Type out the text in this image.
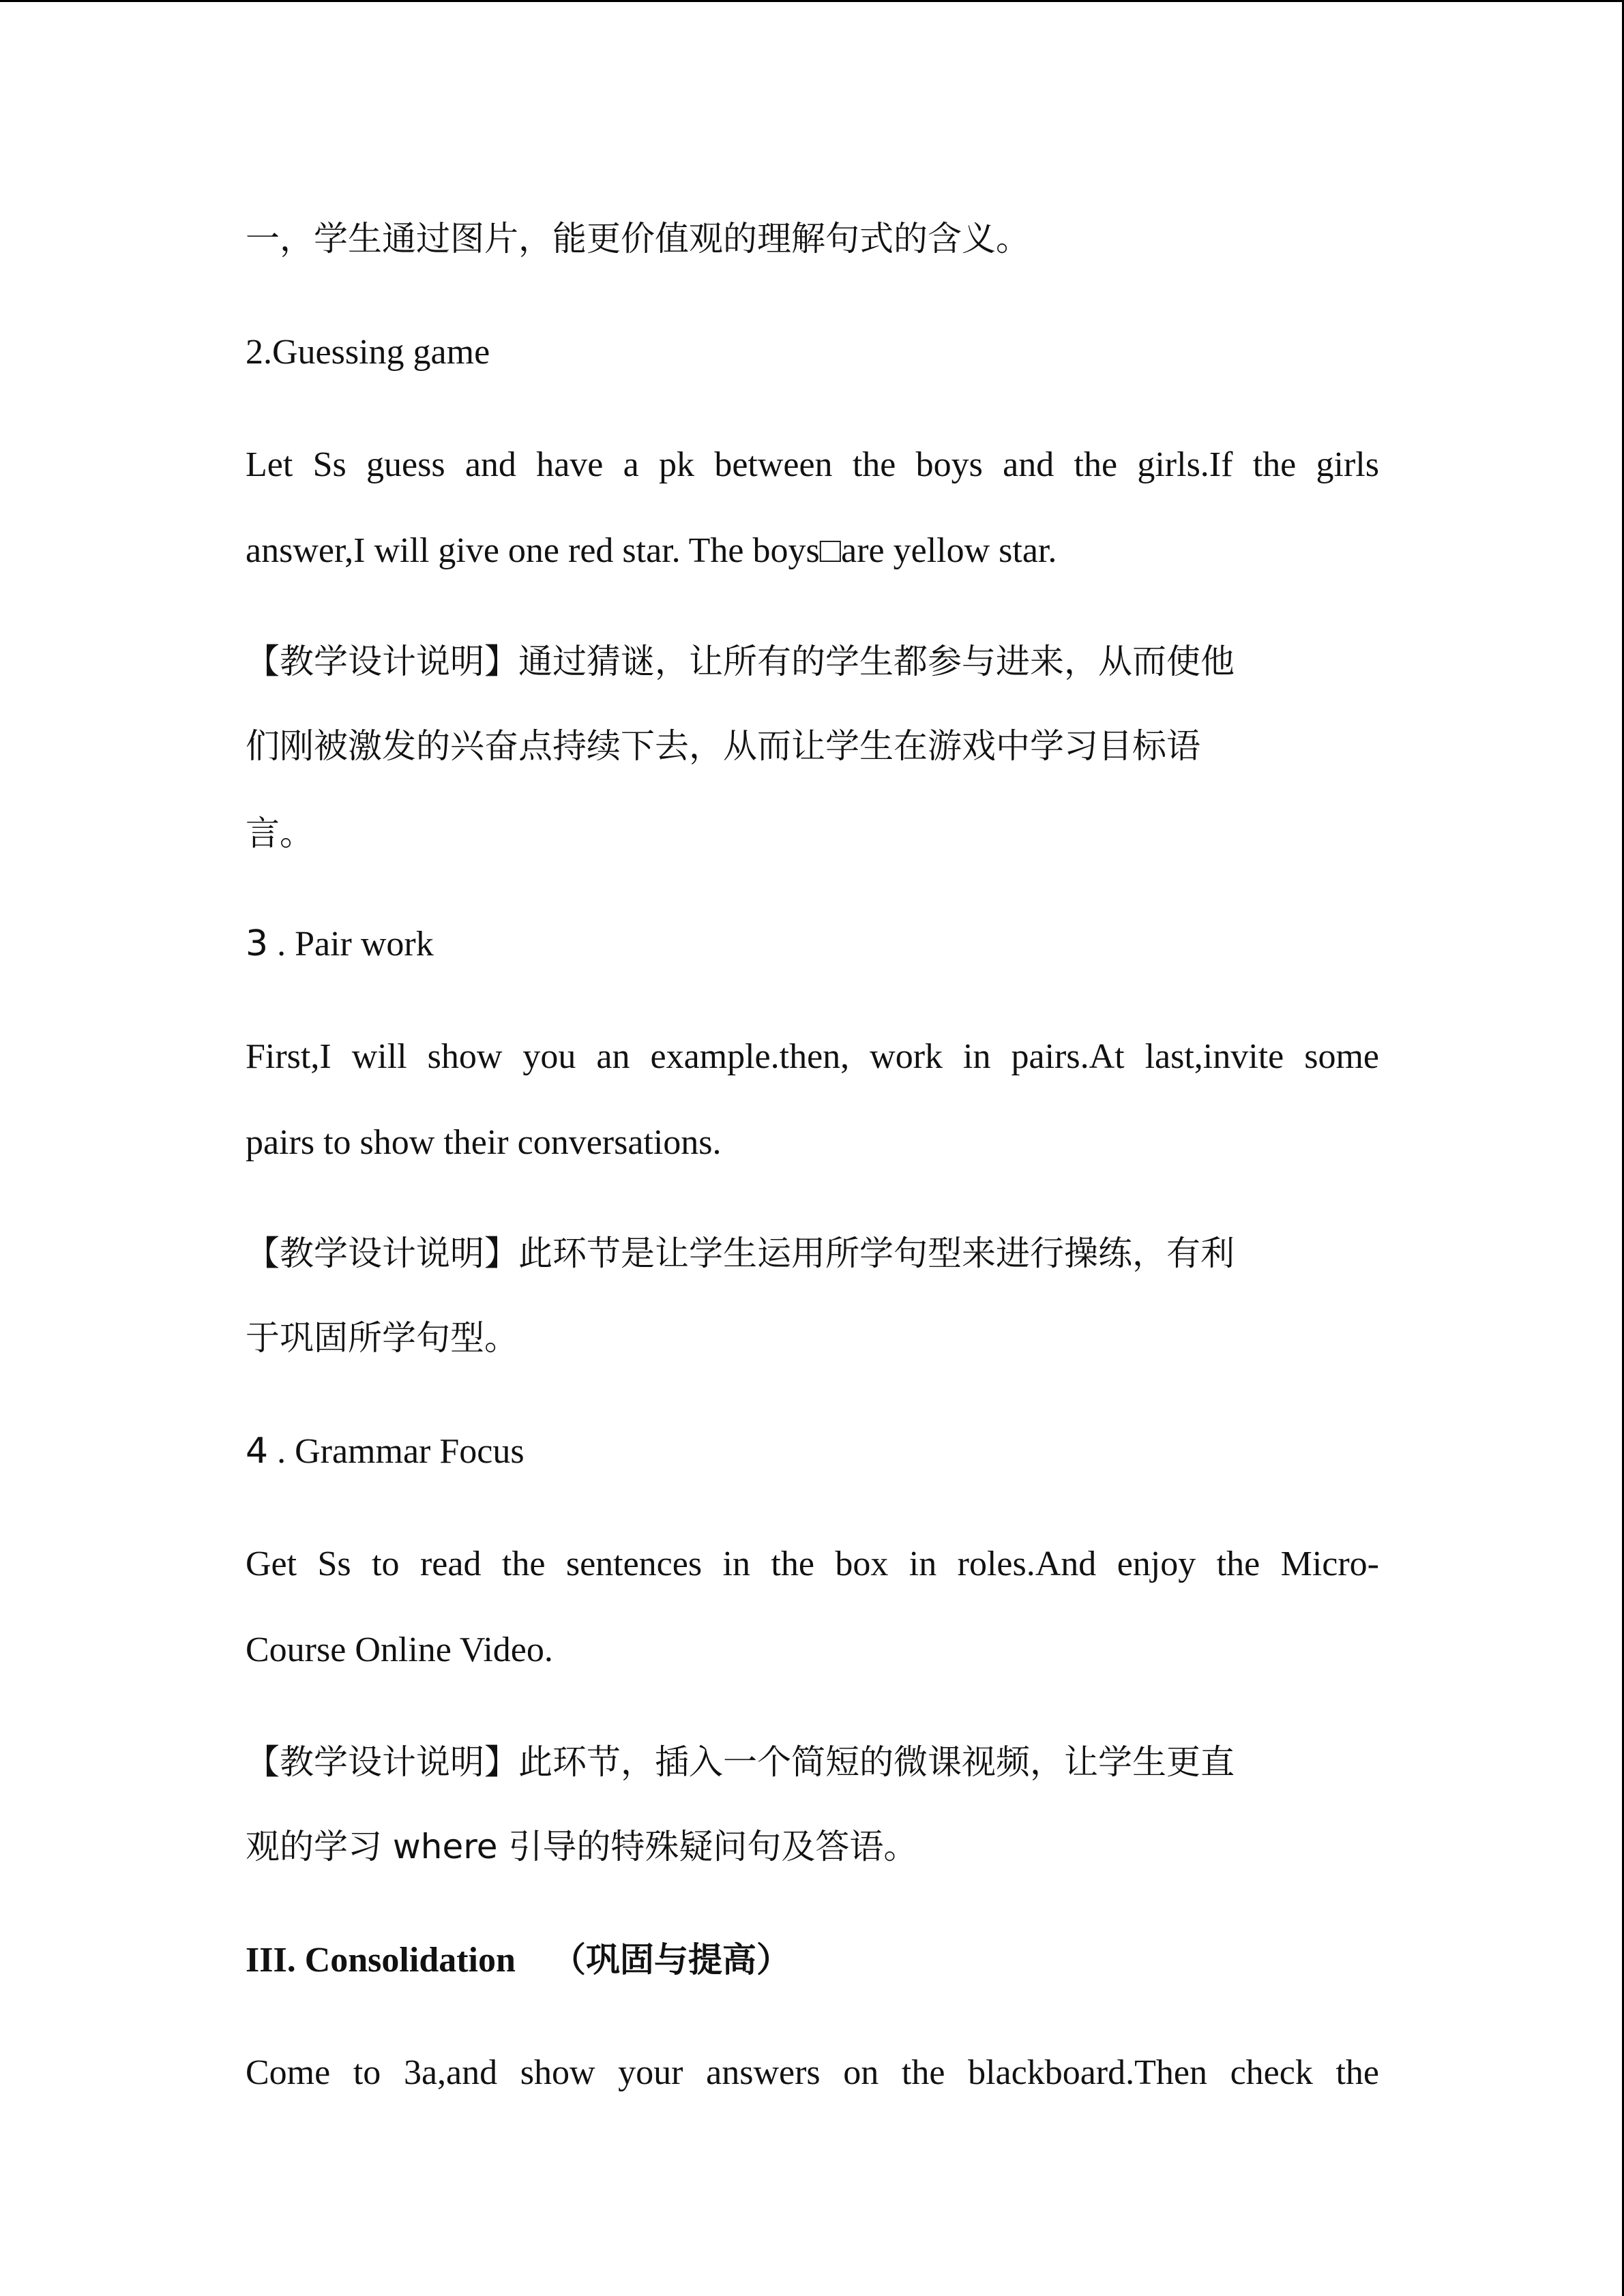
一，学生通过图片，能更价值观的理解句式的含义。
2.Guessing game
Let Ss guess and have a pk between the boys and the girls.If the girls
answer,I will give one red star. The boys□are yellow star.
【教学设计说明】通过猜谜，让所有的学生都参与进来，从而使他
们刚被激发的兴奋点持续下去，从而让学生在游戏中学习目标语
言。
3 . Pair work
First,I will show you an example.then, work in pairs.At last,invite some
pairs to show their conversations.
【教学设计说明】此环节是让学生运用所学句型来进行操练，有利
于巩固所学句型。
4 . Grammar Focus
Get Ss to read the sentences in the box in roles.And enjoy the Micro-
Course Online Video.
【教学设计说明】此环节，插入一个简短的微课视频，让学生更直
观的学习 where 引导的特殊疑问句及答语。
III. Consolidation （巩固与提高）
Come to 3a,and show your answers on the blackboard.Then check the
